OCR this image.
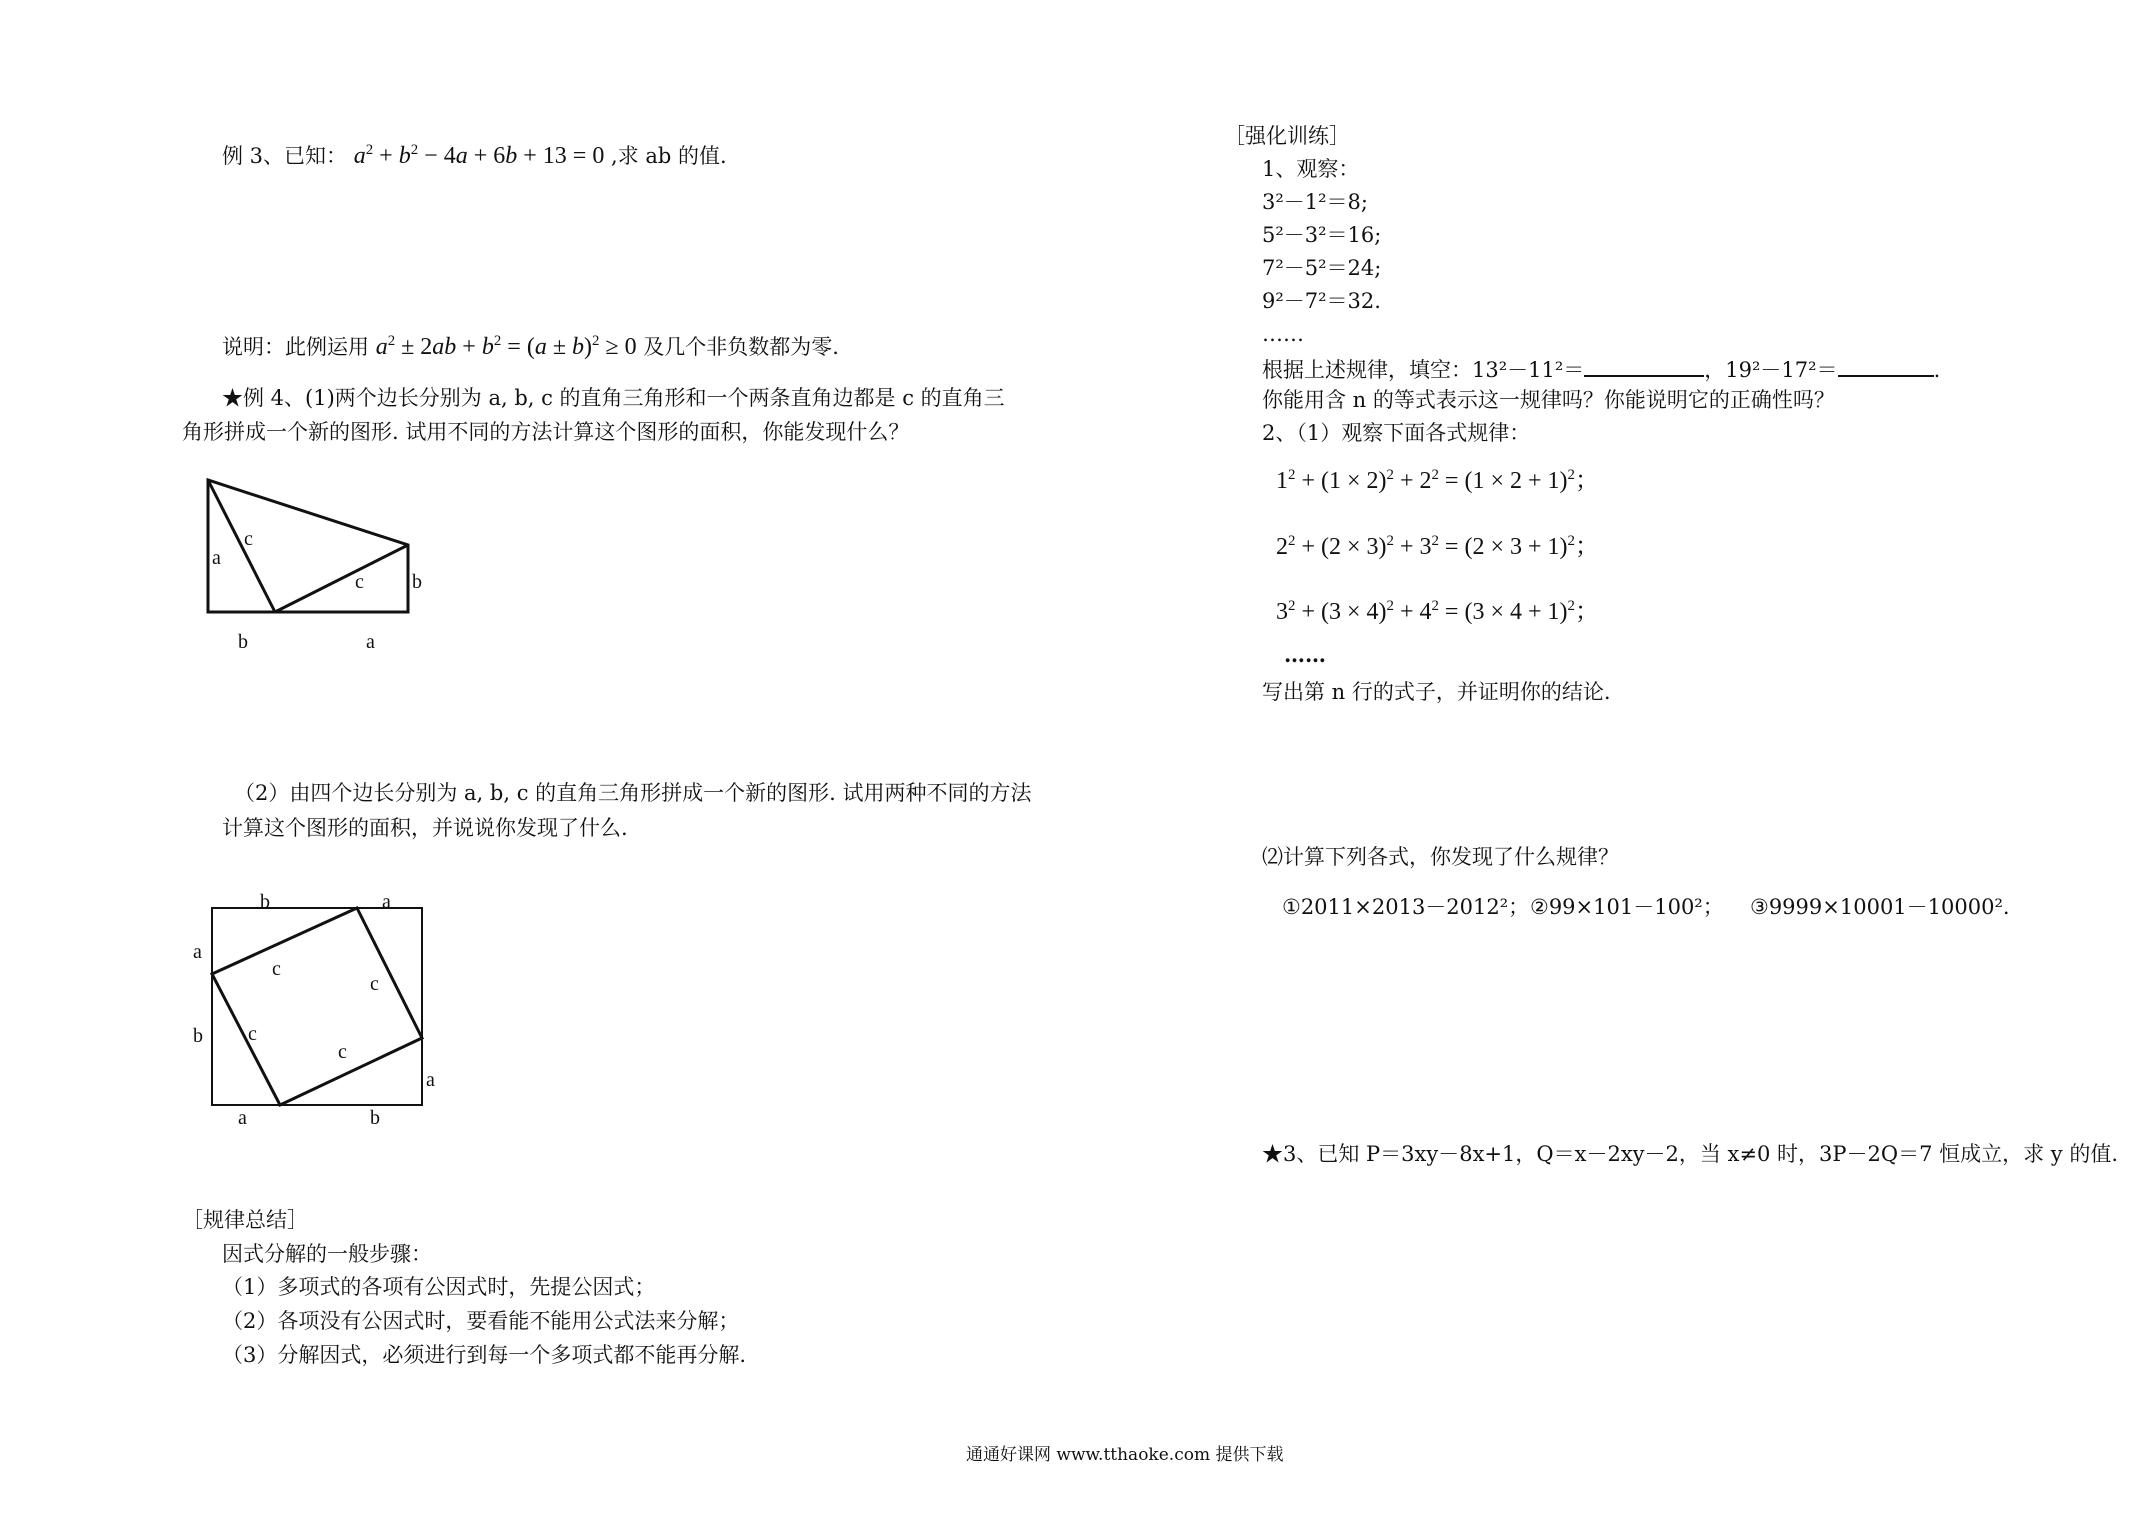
例 3、已知： $a^2 + b^2 - 4a + 6b + 13 = 0$ ,求 ab 的值.
说明：此例运用 $a^2 \pm 2ab + b^2 = (a \pm b)^2 \ge 0$ 及几个非负数都为零.
★例 4、(1)两个边长分别为 a, b, c 的直角三角形和一个两条直角边都是 c 的直角三
角形拼成一个新的图形. 试用不同的方法计算这个图形的面积，你能发现什么？
a
c
c b
b	a
（2）由四个边长分别为 a, b, c 的直角三角形拼成一个新的图形. 试用两种不同的方法
计算这个图形的面积，并说说你发现了什么.
b	a
a
b
c
c
c
c
a
a	b
［规律总结］
因式分解的一般步骤：
（1）多项式的各项有公因式时，先提公因式；
（2）各项没有公因式时，要看能不能用公式法来分解；
（3）分解因式，必须进行到每一个多项式都不能再分解.
［强化训练］
1、观察：
3²－1²＝8;
5²－3²＝16;
7²－5²＝24;
9²－7²＝32.
……
根据上述规律，填空：13²－11²＝	，19²－17²＝	.
你能用含 n 的等式表示这一规律吗？你能说明它的正确性吗？
2、（1）观察下面各式规律：
$1^2 + (1 \times 2)^2 + 2^2 = (1 \times 2 + 1)^2$；
$2^2 + (2 \times 3)^2 + 3^2 = (2 \times 3 + 1)^2$；
$3^2 + (3 \times 4)^2 + 4^2 = (3 \times 4 + 1)^2$；
……
写出第 n 行的式子，并证明你的结论.
⑵计算下列各式，你发现了什么规律？
①2011×2013－2012²； ②99×101－100²； ③9999×10001－10000².
★3、已知 P＝3xy－8x+1，Q＝x－2xy－2，当 x≠0 时，3P－2Q＝7 恒成立，求 y 的值.
通通好课网 www.tthaoke.com 提供下载
